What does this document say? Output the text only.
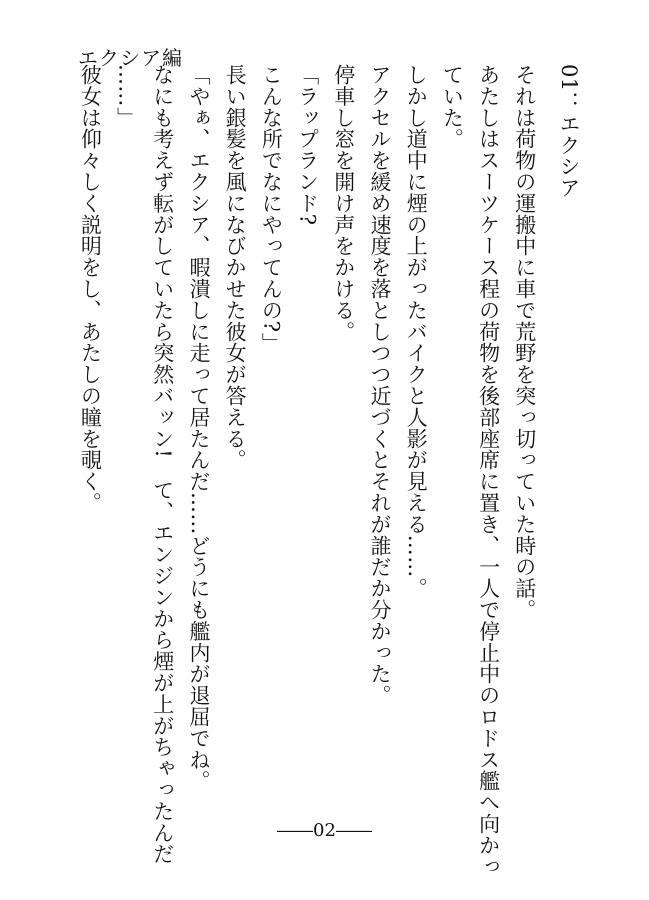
エクシア編
01：エクシア
それは荷物の運搬中に車で荒野を突っ切っていた時の話。
あたしはスーツケース程の荷物を後部座席に置き、一人で停止中のロドス艦へ向かっ
ていた。
しかし道中に煙の上がったバイクと人影が見える……。
アクセルを緩め速度を落としつつ近づくとそれが誰だか分かった。
停車し窓を開け声をかける。
「ラップランド?
こんな所でなにやってんの?」
長い銀髪を風になびかせた彼女が答える。
「やぁ、エクシア、暇潰しに走って居たんだ……どうにも艦内が退屈でね。
なにも考えず転がしていたら突然バッン!　て、エンジンから煙が上がちゃったんだ
……」
彼女は仰々しく説明をし、あたしの瞳を覗く。
――02――
